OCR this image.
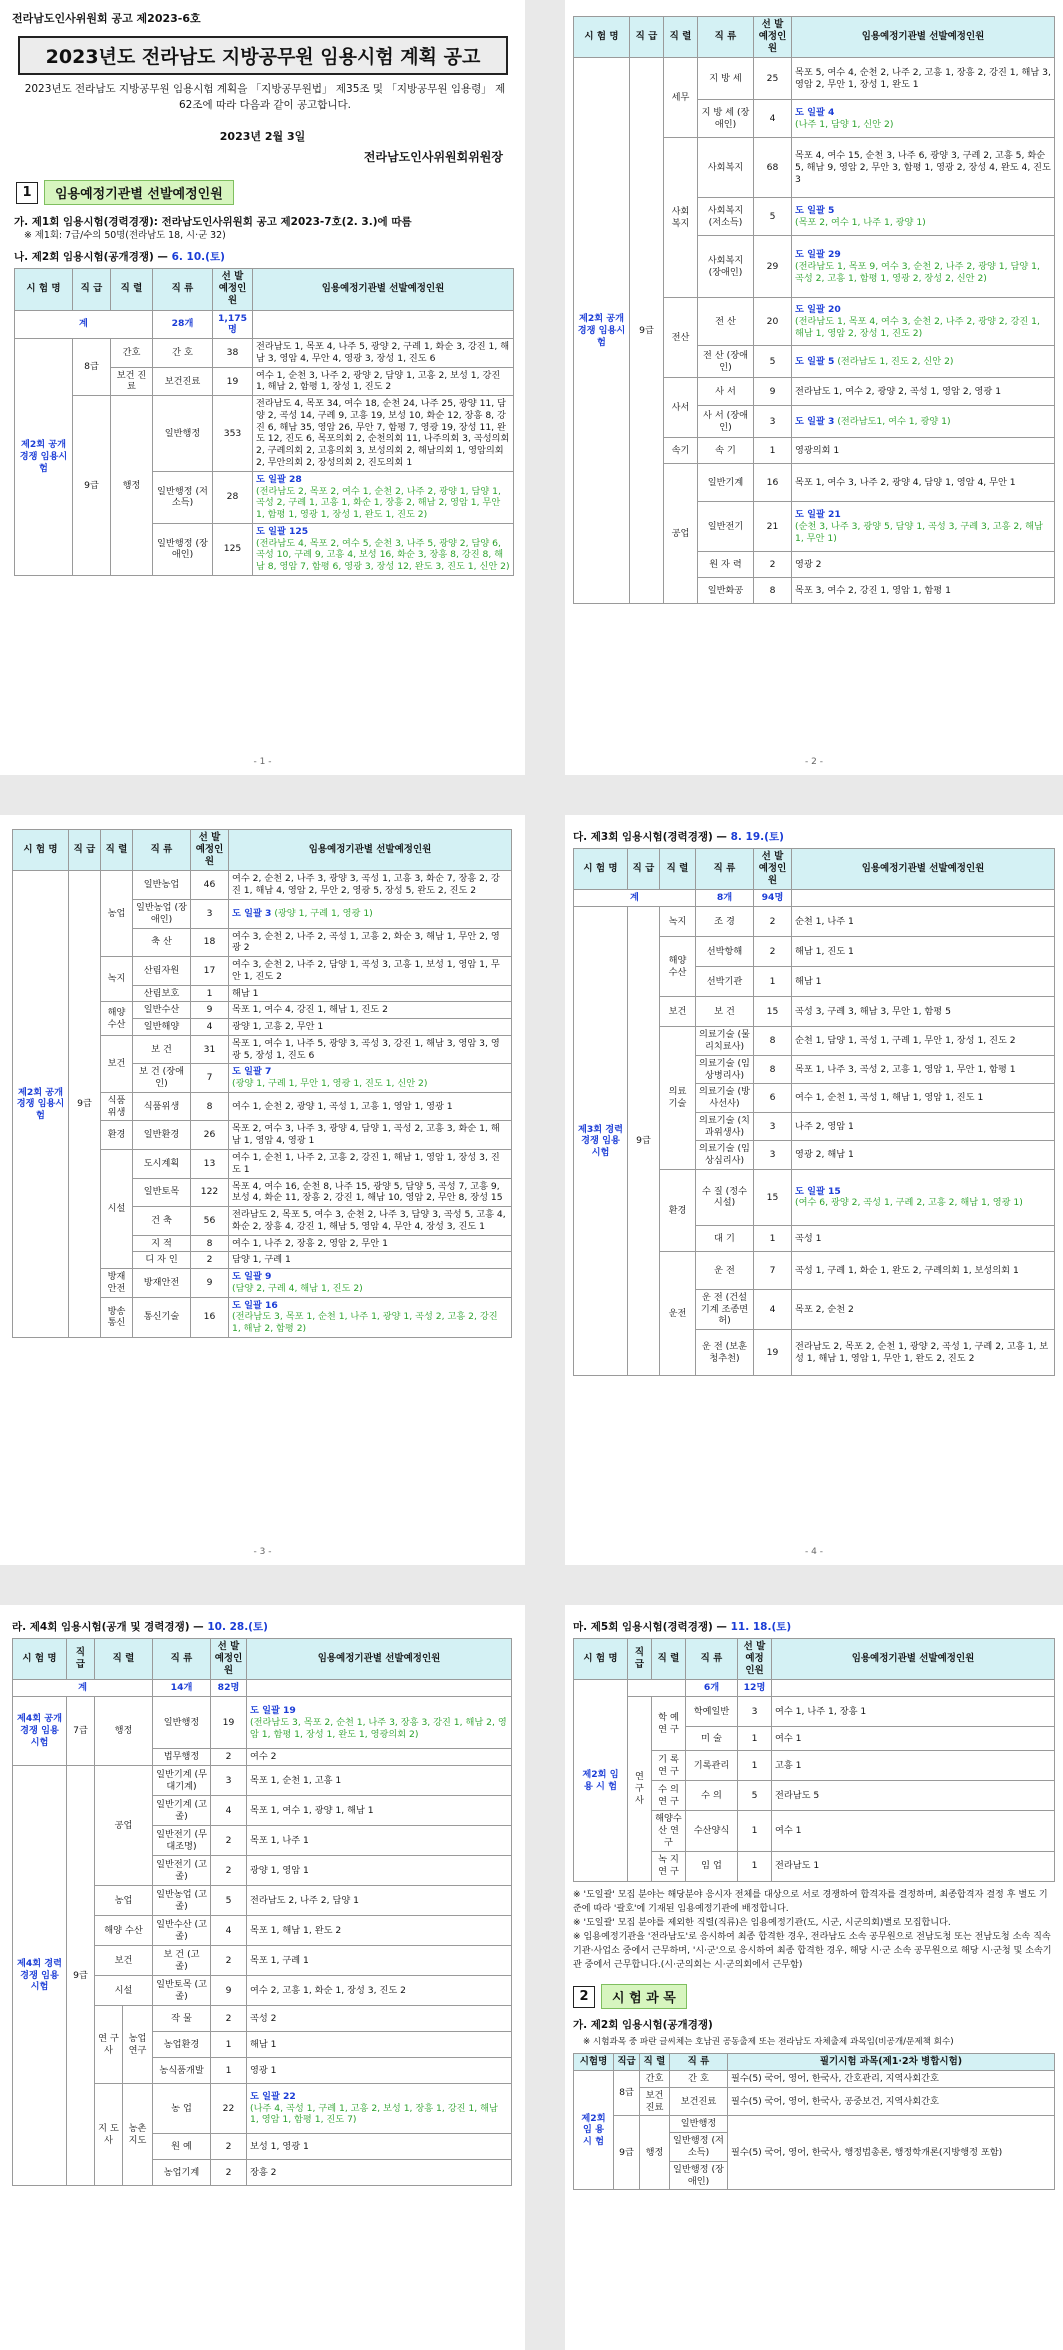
전라남도인사위원회 공고 제2023-6호
2023년도 전라남도 지방공무원 임용시험 계획 공고
2023년도 전라남도 지방공무원 임용시험 계획을 「지방공무원법」 제35조 및 「지방공무원 임용령」 제62조에 따라 다음과 같이 공고합니다.
2023년 2월 3일
전라남도인사위원회위원장
1	임용예정기관별 선발예정인원
가. 제1회 임용시험(경력경쟁): 전라남도인사위원회 공고 제2023-7호(2. 3.)에 따름
※ 제1회: 7급/수의 50명(전라남도 18, 시·군 32)
나. 제2회 임용시험(공개경쟁) — 6. 10.(토)
시 험 명	직 급	직 렬	직 류	선 발 예정인원	임용예정기관별 선발예정인원
계			28개	1,175명	
제2회 공개경쟁 임용시험	8급	간호	간 호	38	전라남도 1, 목포 4, 나주 5, 광양 2, 구례 1, 화순 3, 강진 1, 해남 3, 영암 4, 무안 4, 영광 3, 장성 1, 진도 6
		보건 진료	보건진료	19	여수 1, 순천 3, 나주 2, 광양 2, 담양 1, 고흥 2, 보성 1, 강진 1, 해남 2, 함평 1, 장성 1, 진도 2
	9급	행정	일반행정	353	전라남도 4, 목포 34, 여수 18, 순천 24, 나주 25, 광양 11, 담양 2, 곡성 14, 구례 9, 고흥 19, 보성 10, 화순 12, 장흥 8, 강진 6, 해남 35, 영암 26, 무안 7, 함평 7, 영광 19, 장성 11, 완도 12, 진도 6, 목포의회 2, 순천의회 11, 나주의회 3, 곡성의회 2, 구례의회 2, 고흥의회 3, 보성의회 2, 해남의회 1, 영암의회 2, 무안의회 2, 장성의회 2, 진도의회 1
			일반행정 (저소득)	28	도 일괄 28
(전라남도 2, 목포 2, 여수 1, 순천 2, 나주 2, 광양 1, 담양 1, 곡성 2, 구례 1, 고흥 1, 화순 1, 장흥 2, 해남 2, 영암 1, 무안 1, 함평 1, 영광 1, 장성 1, 완도 1, 진도 2)

			일반행정 (장애인)	125	도 일괄 125
(전라남도 4, 목포 2, 여수 5, 순천 3, 나주 5, 광양 2, 담양 6, 곡성 10, 구례 9, 고흥 4, 보성 16, 화순 3, 장흥 8, 강진 8, 해남 8, 영암 7, 함평 6, 영광 3, 장성 12, 완도 3, 진도 1, 신안 2)
- 1 -
시 험 명	직 급	직 렬	직 류	선 발 예정인원	임용예정기관별 선발예정인원
제2회 공개경쟁 임용시험	9급	세무	지 방 세	25	목포 5, 여수 4, 순천 2, 나주 2, 고흥 1, 장흥 2, 강진 1, 해남 3, 영암 2, 무안 1, 장성 1, 완도 1
			지 방 세 (장애인)	4	도 일괄 4
(나주 1, 담양 1, 신안 2)

		사회 복지	사회복지	68	목포 4, 여수 15, 순천 3, 나주 6, 광양 3, 구례 2, 고흥 5, 화순 5, 해남 9, 영암 2, 무안 3, 함평 1, 영광 2, 장성 4, 완도 4, 진도 3
			사회복지 (저소득)	5	도 일괄 5
(목포 2, 여수 1, 나주 1, 광양 1)

			사회복지 (장애인)	29	도 일괄 29
(전라남도 1, 목포 9, 여수 3, 순천 2, 나주 2, 광양 1, 담양 1, 곡성 2, 고흥 1, 함평 1, 영광 2, 장성 2, 신안 2)

		전산	전 산	20	도 일괄 20
(전라남도 1, 목포 4, 여수 3, 순천 2, 나주 2, 광양 2, 강진 1, 해남 1, 영암 2, 장성 1, 진도 2)

			전 산 (장애인)	5	도 일괄 5 (전라남도 1, 진도 2, 신안 2)
		사서	사 서	9	전라남도 1, 여수 2, 광양 2, 곡성 1, 영암 2, 영광 1
			사 서 (장애인)	3	도 일괄 3 (전라남도1, 여수 1, 광양 1)
		속기	속 기	1	영광의회 1
		공업	일반기계	16	목포 1, 여수 3, 나주 2, 광양 4, 담양 1, 영암 4, 무안 1
			일반전기	21	도 일괄 21
(순천 3, 나주 3, 광양 5, 담양 1, 곡성 3, 구례 3, 고흥 2, 해남 1, 무안 1)

			원 자 력	2	영광 2
			일반화공	8	목포 3, 여수 2, 강진 1, 영암 1, 함평 1
- 2 -
시 험 명	직 급	직 렬	직 류	선 발 예정인원	임용예정기관별 선발예정인원
제2회 공개경쟁 임용시험	9급	농업	일반농업	46	여수 2, 순천 2, 나주 3, 광양 3, 곡성 1, 고흥 3, 화순 7, 장흥 2, 강진 1, 해남 4, 영암 2, 무안 2, 영광 5, 장성 5, 완도 2, 진도 2
			일반농업 (장애인)	3	도 일괄 3 (광양 1, 구례 1, 영광 1)
			축 산	18	여수 3, 순천 2, 나주 2, 곡성 1, 고흥 2, 화순 3, 해남 1, 무안 2, 영광 2
		녹지	산림자원	17	여수 3, 순천 2, 나주 2, 담양 1, 곡성 3, 고흥 1, 보성 1, 영암 1, 무안 1, 진도 2
			산림보호	1	해남 1
		해양 수산	일반수산	9	목포 1, 여수 4, 강진 1, 해남 1, 진도 2
			일반해양	4	광양 1, 고흥 2, 무안 1
		보건	보 건	31	목포 1, 여수 1, 나주 5, 광양 3, 곡성 3, 강진 1, 해남 3, 영암 3, 영광 5, 장성 1, 진도 6
			보 건 (장애인)	7	도 일괄 7
(광양 1, 구례 1, 무안 1, 영광 1, 진도 1, 신안 2)

		식품 위생	식품위생	8	여수 1, 순천 2, 광양 1, 곡성 1, 고흥 1, 영암 1, 영광 1
		환경	일반환경	26	목포 2, 여수 3, 나주 3, 광양 4, 담양 1, 곡성 2, 고흥 3, 화순 1, 해남 1, 영암 4, 영광 1
		시설	도시계획	13	여수 1, 순천 1, 나주 2, 고흥 2, 강진 1, 해남 1, 영암 1, 장성 3, 진도 1
			일반토목	122	목포 4, 여수 16, 순천 8, 나주 15, 광양 5, 담양 5, 곡성 7, 고흥 9, 보성 4, 화순 11, 장흥 2, 강진 1, 해남 10, 영암 2, 무안 8, 장성 15
			건 축	56	전라남도 2, 목포 5, 여수 3, 순천 2, 나주 3, 담양 3, 곡성 5, 고흥 4, 화순 2, 장흥 4, 강진 1, 해남 5, 영암 4, 무안 4, 장성 3, 진도 1
			지 적	8	여수 1, 나주 2, 장흥 2, 영암 2, 무안 1
			디 자 인	2	담양 1, 구례 1
		방재 안전	방재안전	9	도 일괄 9
(담양 2, 구례 4, 해남 1, 진도 2)

		방송 통신	통신기술	16	도 일괄 16
(전라남도 3, 목포 1, 순천 1, 나주 1, 광양 1, 곡성 2, 고흥 2, 강진 1, 해남 2, 함평 2)
- 3 -
다. 제3회 임용시험(경력경쟁) — 8. 19.(토)
시 험 명	직 급	직 렬	직 류	선 발 예정인원	임용예정기관별 선발예정인원
계			8개	94명	
제3회 경력경쟁 임용시험	9급	녹지	조 경	2	순천 1, 나주 1
		해양 수산	선박항해	2	해남 1, 진도 1
			선박기관	1	해남 1
		보건	보 건	15	곡성 3, 구례 3, 해남 3, 무안 1, 함평 5
		의료 기술	의료기술 (물리치료사)	8	순천 1, 담양 1, 곡성 1, 구례 1, 무안 1, 장성 1, 진도 2
			의료기술 (임상병리사)	8	목포 1, 나주 3, 곡성 2, 고흥 1, 영암 1, 무안 1, 함평 1
			의료기술 (방사선사)	6	여수 1, 순천 1, 곡성 1, 해남 1, 영암 1, 진도 1
			의료기술 (치과위생사)	3	나주 2, 영암 1
			의료기술 (임상심리사)	3	영광 2, 해남 1
		환경	수 질 (정수시설)	15	도 일괄 15
(여수 6, 광양 2, 곡성 1, 구례 2, 고흥 2, 해남 1, 영광 1)

			대 기	1	곡성 1
		운전	운 전	7	곡성 1, 구례 1, 화순 1, 완도 2, 구례의회 1, 보성의회 1
			운 전 (건설기계 조종면허)	4	목포 2, 순천 2
			운 전 (보훈청추천)	19	전라남도 2, 목포 2, 순천 1, 광양 2, 곡성 1, 구례 2, 고흥 1, 보성 1, 해남 1, 영암 1, 무안 1, 완도 2, 진도 2
- 4 -
라. 제4회 임용시험(공개 및 경력경쟁) — 10. 28.(토)
시 험 명	직 급	직 렬		직 류	선 발 예정인원	임용예정기관별 선발예정인원
계				14개	82명	
제4회 공개경쟁 임용시험	7급	행정		일반행정	19	도 일괄 19
(전라남도 3, 목포 2, 순천 1, 나주 3, 장흥 3, 강진 1, 해남 2, 영암 1, 함평 1, 장성 1, 완도 1, 영광의회 2)

				법무행정	2	여수 2
제4회 경력경쟁 임용시험	9급	공업		일반기계 (무대기계)	3	목포 1, 순천 1, 고흥 1
				일반기계 (고 졸)	4	목포 1, 여수 1, 광양 1, 해남 1
				일반전기 (무대조명)	2	목포 1, 나주 1
				일반전기 (고 졸)	2	광양 1, 영암 1
		농업		일반농업 (고 졸)	5	전라남도 2, 나주 2, 담양 1
		해양 수산		일반수산 (고 졸)	4	목포 1, 해남 1, 완도 2
		보건		보 건 (고 졸)	2	목포 1, 구례 1
		시설		일반토목 (고 졸)	9	여수 2, 고흥 1, 화순 1, 장성 3, 진도 2
		연 구 사	농업 연구	작 물	2	곡성 2
				농업환경	1	해남 1
				농식품개발	1	영광 1
		지 도 사	농촌 지도	농 업	22	도 일괄 22
(나주 4, 곡성 1, 구례 1, 고흥 2, 보성 1, 장흥 1, 강진 1, 해남 1, 영암 1, 함평 1, 진도 7)

				원 예	2	보성 1, 영광 1
				농업기계	2	장흥 2
마. 제5회 임용시험(경력경쟁) — 11. 18.(토)
시 험 명	직 급	직 렬	직 류	선 발 예정인원	임용예정기관별 선발예정인원
제2회 임 용 시 험			6개	12명	
	연 구 사	학 예 연 구	학예일반	3	여수 1, 나주 1, 장흥 1
			미 술	1	여수 1
		기 록 연 구	기록관리	1	고흥 1
		수 의 연 구	수 의	5	전라남도 5
		해양수산 연 구	수산양식	1	여수 1
		녹 지 연 구	임 업	1	전라남도 1

※ '도일괄' 모집 분야는 해당분야 응시자 전체를 대상으로 서로 경쟁하여 합격자를 결정하며, 최종합격자 결정 후 별도 기준에 따라 '괄호'에 기재된 임용예정기관에 배정합니다.

※ '도일괄' 모집 분야를 제외한 직렬(직류)은 임용예정기관(도, 시군, 시군의회)별로 모집합니다.

※ 임용예정기관을 '전라남도'로 응시하여 최종 합격한 경우, 전라남도 소속 공무원으로 전남도청 또는 전남도청 소속 직속기관·사업소 중에서 근무하며, '시·군'으로 응시하여 최종 합격한 경우, 해당 시·군 소속 공무원으로 해당 시·군청 및 소속기관 중에서 근무합니다.(시·군의회는 시·군의회에서 근무함)

2	시 험 과 목
가. 제2회 임용시험(공개경쟁)
※ 시험과목 중 파란 글씨체는 호남권 공동출제 또는 전라남도 자체출제 과목임(비공개/문제책 회수)
시험명	직급	직 렬	직 류	필기시험 과목(제1·2차 병합시험)
제2회 임 용 시 험	8급	간호	간 호	필수(5) 국어, 영어, 한국사, 간호관리, 지역사회간호
		보건 진료	보건진료	필수(5) 국어, 영어, 한국사, 공중보건, 지역사회간호
	9급	행정	일반행정	필수(5) 국어, 영어, 한국사, 행정법총론, 행정학개론(지방행정 포함)
			일반행정 (저소득)	
			일반행정 (장애인)	
